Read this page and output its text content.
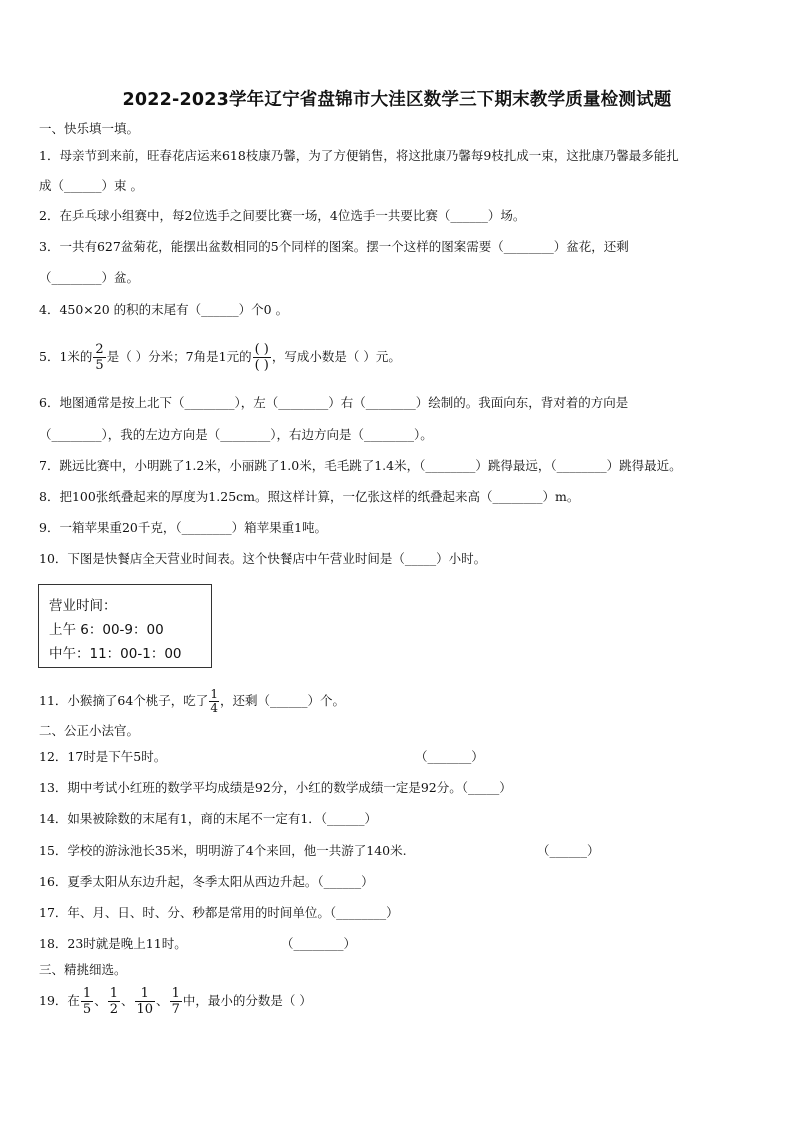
2022-2023学年辽宁省盘锦市大洼区数学三下期末教学质量检测试题
一、快乐填一填。
1．母亲节到来前，旺春花店运来618枝康乃馨，为了方便销售，将这批康乃馨每9枝扎成一束，这批康乃馨最多能扎
成（______）束 。
2．在乒乓球小组赛中，每2位选手之间要比赛一场，4位选手一共要比赛（______）场。
3．一共有627盆菊花，能摆出盆数相同的5个同样的图案。摆一个这样的图案需要（________）盆花，还剩
（________）盆。
4．450×20 的积的末尾有（______）个0 。
5．1米的 $\frac{2}{5}$ 是（ ）分米；7角是1元的 $\frac{( )}{( )}$ ，写成小数是（ ）元。
6．地图通常是按上北下（________），左（________）右（________）绘制的。我面向东，背对着的方向是
（________），我的左边方向是（________），右边方向是（________）。
7．跳远比赛中，小明跳了1.2米，小丽跳了1.0米，毛毛跳了1.4米，（________）跳得最远，（________）跳得最近。
8．把100张纸叠起来的厚度为1.25cm。照这样计算，一亿张这样的纸叠起来高（________）m。
9．一箱苹果重20千克，（________）箱苹果重1吨。
10．下图是快餐店全天营业时间表。这个快餐店中午营业时间是（_____）小时。
营业时间：
上午 6：00-9：00
中午：11：00-1：00
11．小猴摘了64个桃子，吃了 $\frac{1}{4}$ ，还剩（______）个。
二、公正小法官。
12．17时是下午5时。	（_______）
13．期中考试小红班的数学平均成绩是92分，小红的数学成绩一定是92分。（_____）
14．如果被除数的末尾有1，商的末尾不一定有1．（______）
15．学校的游泳池长35米，明明游了4个来回，他一共游了140米.	（______）
16．夏季太阳从东边升起，冬季太阳从西边升起。（______）
17．年、月、日、时、分、秒都是常用的时间单位。（________）
18．23时就是晚上11时。	（________）
三、精挑细选。
19．在 $\frac{1}{5}$ 、 $\frac{1}{2}$ 、 $\frac{1}{10}$ 、 $\frac{1}{7}$ 中，最小的分数是（ ）
